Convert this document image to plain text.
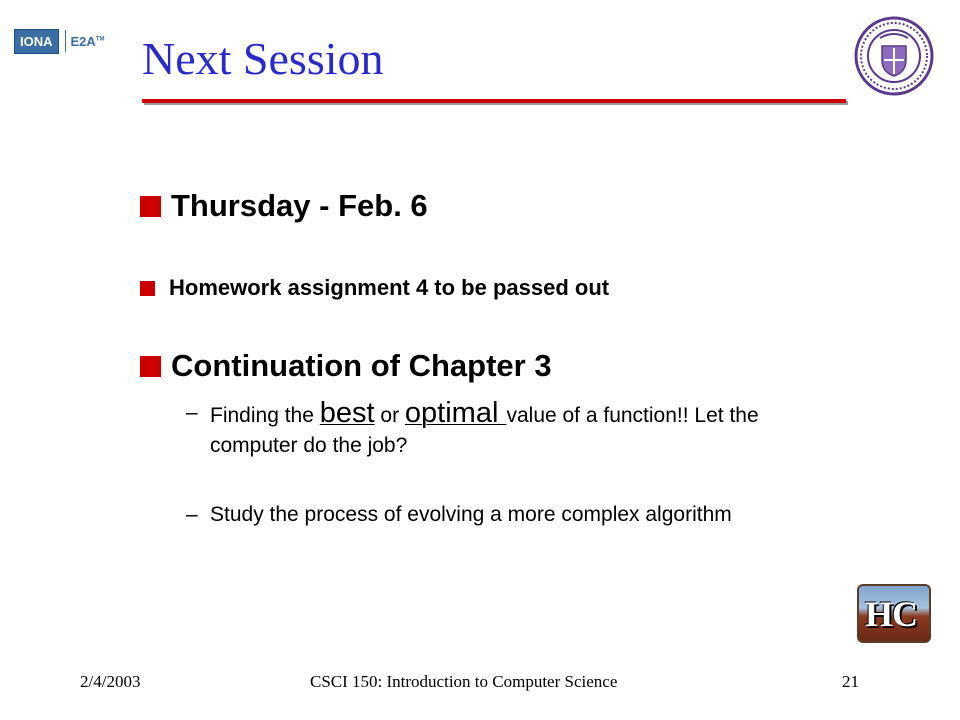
IONA	E2A™ Next Session
Thursday - Feb. 6
Homework assignment 4 to be passed out
Continuation of Chapter 3
– Finding the best or optimal value of a function!! Let the computer do the job?
– Study the process of evolving a more complex algorithm
HC
2/4/2003	CSCI 150: Introduction to Computer Science	21
